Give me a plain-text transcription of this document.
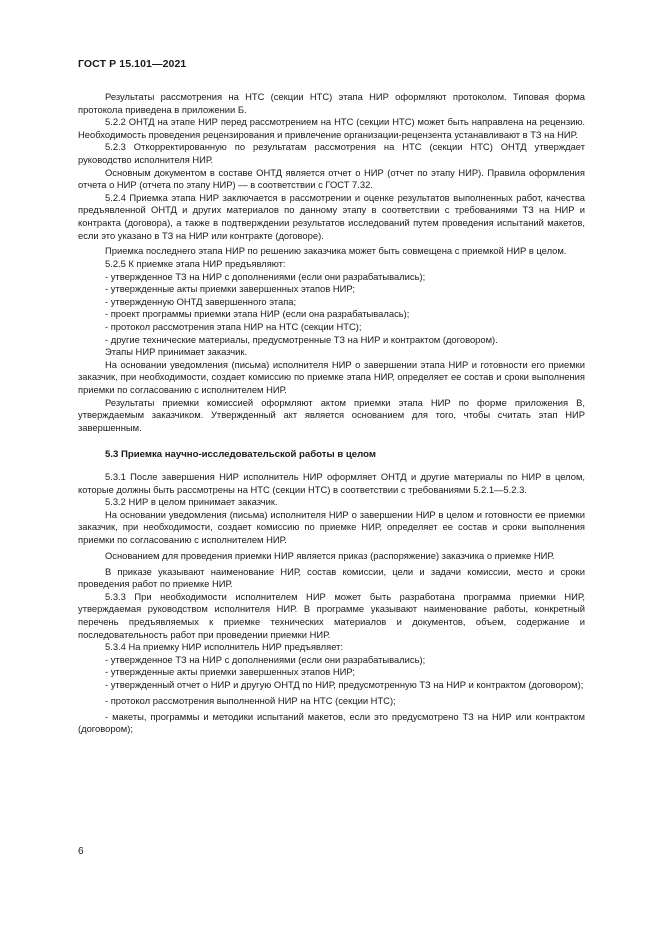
ГОСТ Р 15.101—2021

Результаты рассмотрения на НТС (секции НТС) этапа НИР оформляют протоколом. Типовая форма протокола приведена в приложении Б.

5.2.2 ОНТД на этапе НИР перед рассмотрением на НТС (секции НТС) может быть направлена на рецензию. Необходимость проведения рецензирования и привлечение организации-рецензента устанавливают в ТЗ на НИР.

5.2.3 Откорректированную по результатам рассмотрения на НТС (секции НТС) ОНТД утверждает руководство исполнителя НИР.

Основным документом в составе ОНТД является отчет о НИР (отчет по этапу НИР). Правила оформления отчета о НИР (отчета по этапу НИР) — в соответствии с ГОСТ 7.32.

5.2.4 Приемка этапа НИР заключается в рассмотрении и оценке результатов выполненных работ, качества предъявленной ОНТД и других материалов по данному этапу в соответствии с требованиями ТЗ на НИР и контракта (договора), а также в подтверждении результатов исследований путем проведения испытаний макетов, если это указано в ТЗ на НИР или контракте (договоре).

Приемка последнего этапа НИР по решению заказчика может быть совмещена с приемкой НИР в целом.

5.2.5 К приемке этапа НИР предъявляют:

- утвержденное ТЗ на НИР с дополнениями (если они разрабатывались);

- утвержденные акты приемки завершенных этапов НИР;

- утвержденную ОНТД завершенного этапа;

- проект программы приемки этапа НИР (если она разрабатывалась);

- протокол рассмотрения этапа НИР на НТС (секции НТС);

- другие технические материалы, предусмотренные ТЗ на НИР и контрактом (договором).

Этапы НИР принимает заказчик.

На основании уведомления (письма) исполнителя НИР о завершении этапа НИР и готовности его приемки заказчик, при необходимости, создает комиссию по приемке этапа НИР, определяет ее состав и сроки выполнения приемки по согласованию с исполнителем НИР.

Результаты приемки комиссией оформляют актом приемки этапа НИР по форме приложения В, утверждаемым заказчиком. Утвержденный акт является основанием для того, чтобы считать этап НИР завершенным.

5.3 Приемка научно-исследовательской работы в целом

5.3.1 После завершения НИР исполнитель НИР оформляет ОНТД и другие материалы по НИР в целом, которые должны быть рассмотрены на НТС (секции НТС) в соответствии с требованиями 5.2.1—5.2.3.

5.3.2 НИР в целом принимает заказчик.

На основании уведомления (письма) исполнителя НИР о завершении НИР в целом и готовности ее приемки заказчик, при необходимости, создает комиссию по приемке НИР, определяет ее состав и сроки выполнения приемки по согласованию с исполнителем НИР.

Основанием для проведения приемки НИР является приказ (распоряжение) заказчика о приемке НИР.

В приказе указывают наименование НИР, состав комиссии, цели и задачи комиссии, место и сроки проведения работ по приемке НИР.

5.3.3 При необходимости исполнителем НИР может быть разработана программа приемки НИР, утверждаемая руководством исполнителя НИР. В программе указывают наименование работы, конкретный перечень предъявляемых к приемке технических материалов и документов, объем, содержание и последовательность работ при проведении приемки НИР.

5.3.4 На приемку НИР исполнитель НИР предъявляет:

- утвержденное ТЗ на НИР с дополнениями (если они разрабатывались);

- утвержденные акты приемки завершенных этапов НИР;

- утвержденный отчет о НИР и другую ОНТД по НИР, предусмотренную ТЗ на НИР и контрактом (договором);

- протокол рассмотрения выполненной НИР на НТС (секции НТС);

- макеты, программы и методики испытаний макетов, если это предусмотрено ТЗ на НИР или контрактом (договором);

6
